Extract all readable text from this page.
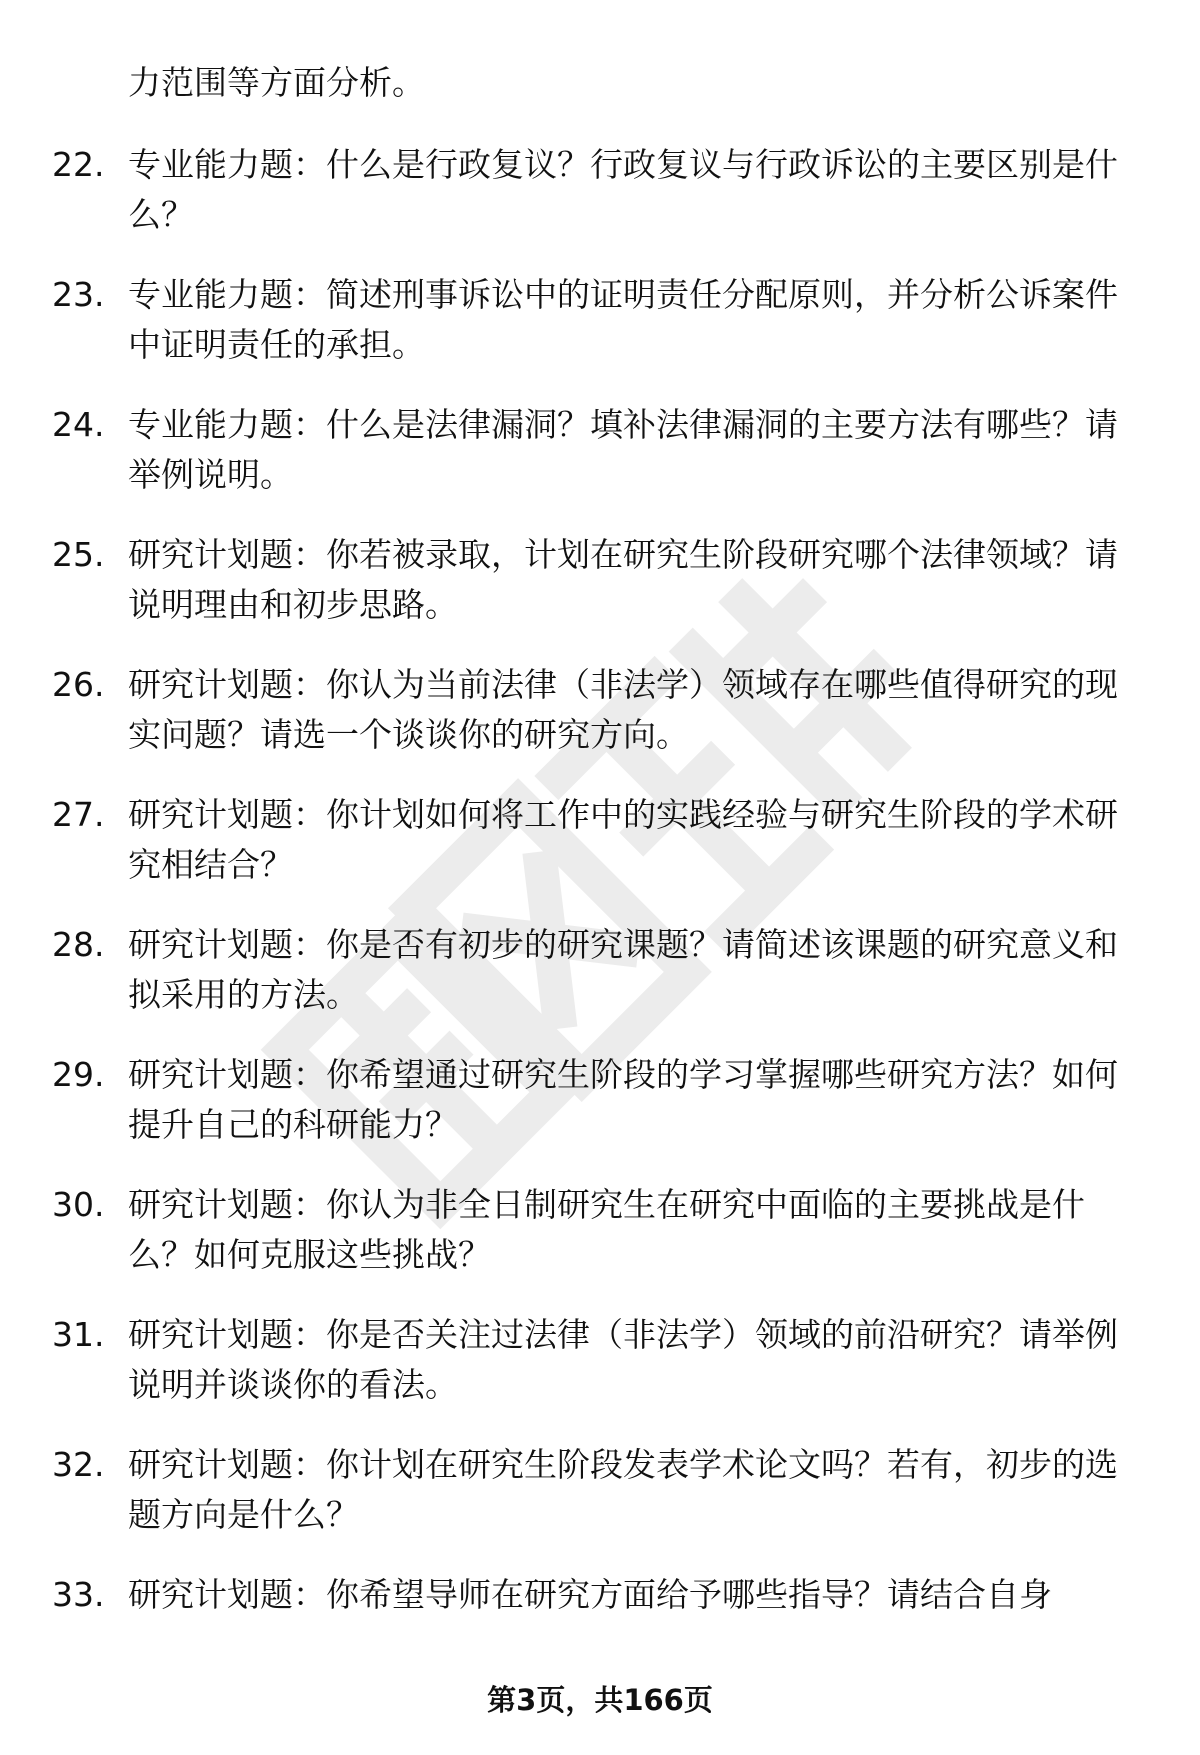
力范围等方面分析。
22. 专业能力题：什么是行政复议？行政复议与行政诉讼的主要区别是什么？
23. 专业能力题：简述刑事诉讼中的证明责任分配原则，并分析公诉案件中证明责任的承担。
24. 专业能力题：什么是法律漏洞？填补法律漏洞的主要方法有哪些？请举例说明。
25. 研究计划题：你若被录取，计划在研究生阶段研究哪个法律领域？请说明理由和初步思路。
26. 研究计划题：你认为当前法律（非法学）领域存在哪些值得研究的现实问题？请选一个谈谈你的研究方向。
27. 研究计划题：你计划如何将工作中的实践经验与研究生阶段的学术研究相结合？
28. 研究计划题：你是否有初步的研究课题？请简述该课题的研究意义和拟采用的方法。
29. 研究计划题：你希望通过研究生阶段的学习掌握哪些研究方法？如何提升自己的科研能力？
30. 研究计划题：你认为非全日制研究生在研究中面临的主要挑战是什么？如何克服这些挑战？
31. 研究计划题：你是否关注过法律（非法学）领域的前沿研究？请举例说明并谈谈你的看法。
32. 研究计划题：你计划在研究生阶段发表学术论文吗？若有，初步的选题方向是什么？
33. 研究计划题：你希望导师在研究方面给予哪些指导？请结合自身
第3页，共166页
